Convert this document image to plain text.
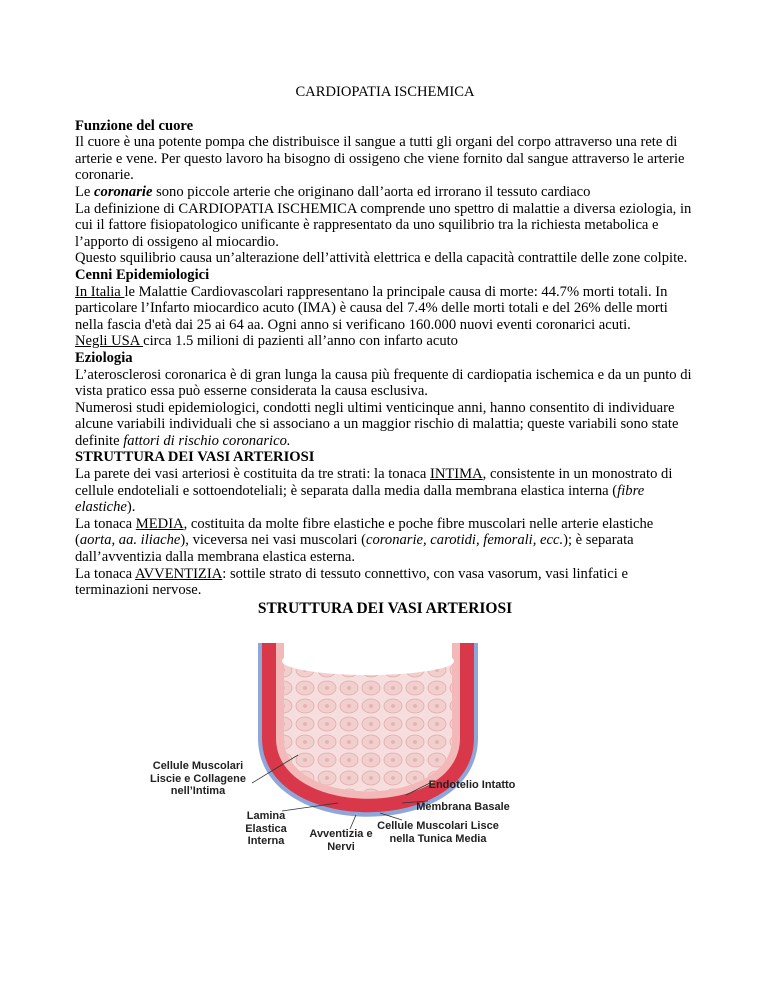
CARDIOPATIA ISCHEMICA

Funzione del cuore

Il cuore è una potente pompa che distribuisce il sangue a tutti gli organi del corpo attraverso una rete di arterie e vene. Per questo lavoro ha bisogno di ossigeno che viene fornito dal sangue attraverso le arterie coronarie.

Le coronarie sono piccole arterie che originano dall’aorta ed irrorano il tessuto cardiaco

La definizione di CARDIOPATIA ISCHEMICA comprende uno spettro di malattie a diversa eziologia, in cui il fattore fisiopatologico unificante è rappresentato da uno squilibrio tra la richiesta metabolica e l’apporto di ossigeno al miocardio.

Questo squilibrio causa un’alterazione dell’attività elettrica e della capacità contrattile delle zone colpite.

Cenni Epidemiologici

In Italia le Malattie Cardiovascolari rappresentano la principale causa di morte: 44.7% morti totali. In particolare l’Infarto miocardico acuto (IMA) è causa del 7.4% delle morti totali e del 26% delle morti nella fascia d'età dai 25 ai 64 aa. Ogni anno si verificano 160.000 nuovi eventi coronarici acuti.

Negli USA circa 1.5 milioni di pazienti all’anno con infarto acuto

Eziologia

L’aterosclerosi coronarica è di gran lunga la causa più frequente di cardiopatia ischemica e da un punto di vista pratico essa può esserne considerata la causa esclusiva.

Numerosi studi epidemiologici, condotti negli ultimi venticinque anni, hanno consentito di individuare alcune variabili individuali che si associano a un maggior rischio di malattia; queste variabili sono state definite fattori di rischio coronarico.

STRUTTURA DEI VASI ARTERIOSI

La parete dei vasi arteriosi è costituita da tre strati: la tonaca INTIMA, consistente in un monostrato di cellule endoteliali e sottoendoteliali; è separata dalla media dalla membrana elastica interna (fibre elastiche).

La tonaca MEDIA, costituita da molte fibre elastiche e poche fibre muscolari nelle arterie elastiche (aorta, aa. iliache), viceversa nei vasi muscolari (coronarie, carotidi, femorali, ecc.); è separata dall’avventizia dalla membrana elastica esterna.

La tonaca AVVENTIZIA: sottile strato di tessuto connettivo, con vasa vasorum, vasi linfatici e terminazioni nervose.

STRUTTURA DEI VASI ARTERIOSI

Cellule Muscolari Liscie e Collagene nell’Intima	Endotelio Intatto
Membrana Basale
Lamina Elastica Interna
Avventizia e Nervi
Cellule Muscolari Lisce nella Tunica Media
